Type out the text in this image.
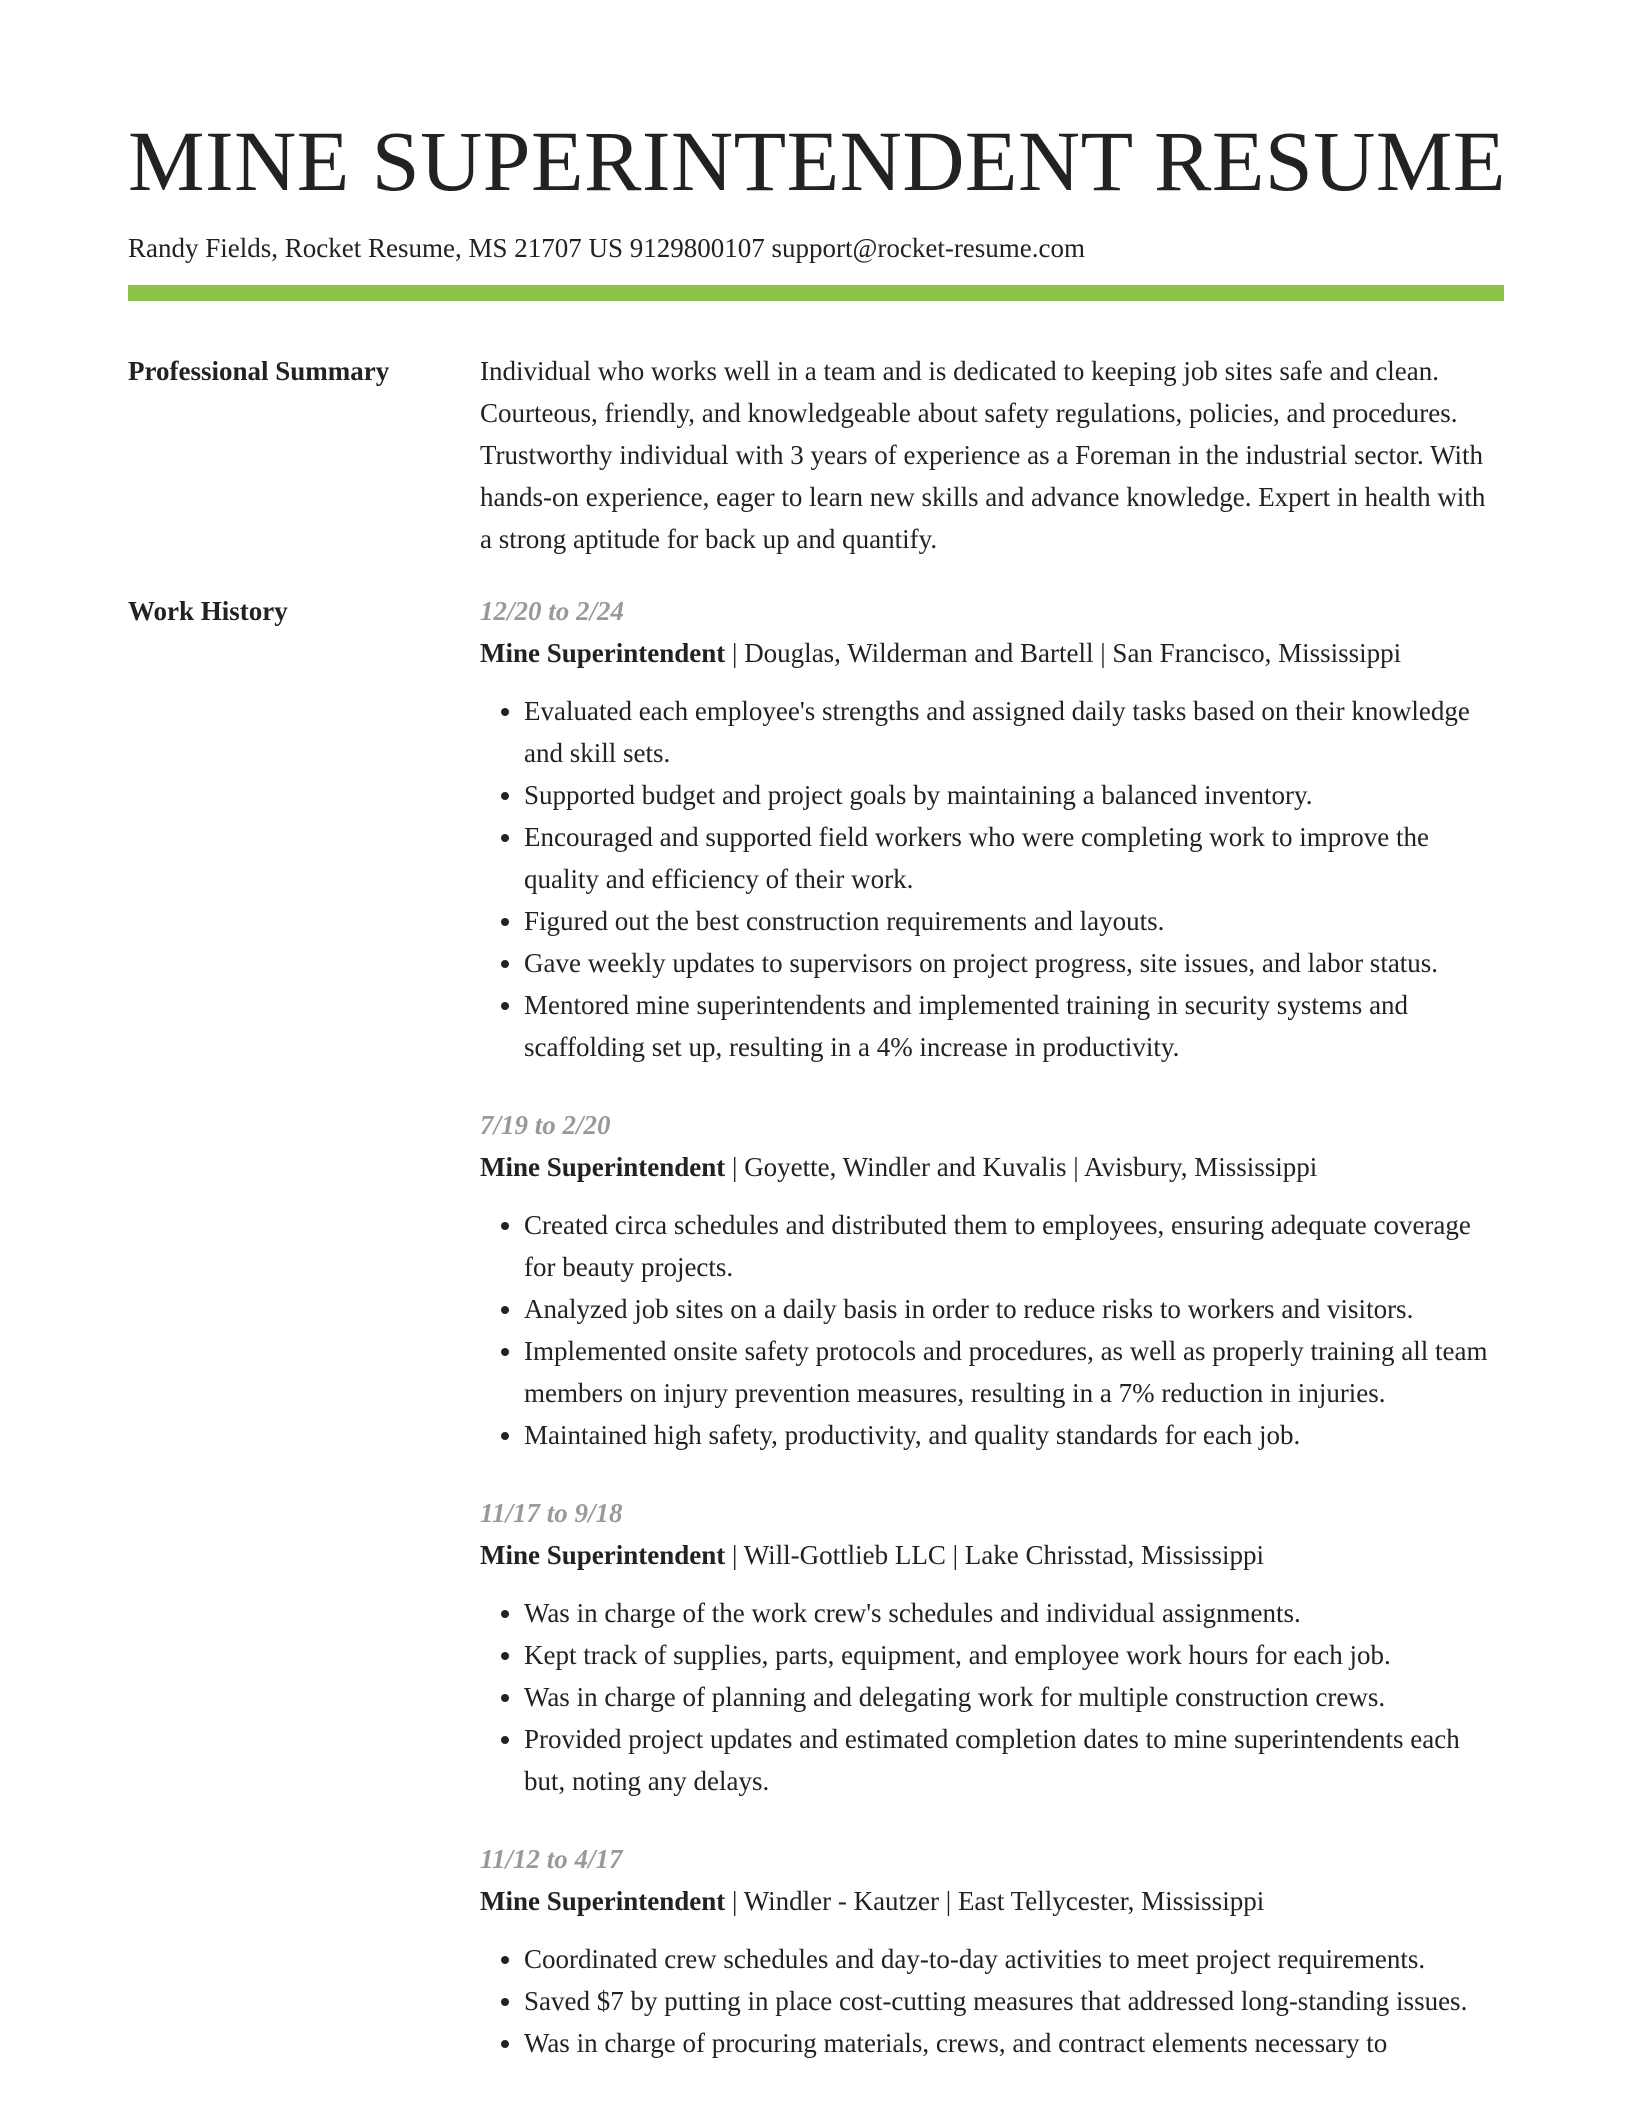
MINE SUPERINTENDENT RESUME
Randy Fields, Rocket Resume, MS 21707 US 9129800107 support@rocket-resume.com
Professional Summary	Individual who works well in a team and is dedicated to keeping job sites safe and clean. Courteous, friendly, and knowledgeable about safety regulations, policies, and procedures. Trustworthy individual with 3 years of experience as a Foreman in the industrial sector. With hands-on experience, eager to learn new skills and advance knowledge. Expert in health with a strong aptitude for back up and quantify.

Work History	12/20 to 2/24
Mine Superintendent | Douglas, Wilderman and Bartell | San Francisco, Mississippi
• Evaluated each employee's strengths and assigned daily tasks based on their knowledge and skill sets.
• Supported budget and project goals by maintaining a balanced inventory.
• Encouraged and supported field workers who were completing work to improve the quality and efficiency of their work.
• Figured out the best construction requirements and layouts.
• Gave weekly updates to supervisors on project progress, site issues, and labor status.
• Mentored mine superintendents and implemented training in security systems and scaffolding set up, resulting in a 4% increase in productivity.
7/19 to 2/20
Mine Superintendent | Goyette, Windler and Kuvalis | Avisbury, Mississippi
• Created circa schedules and distributed them to employees, ensuring adequate coverage for beauty projects.
• Analyzed job sites on a daily basis in order to reduce risks to workers and visitors.
• Implemented onsite safety protocols and procedures, as well as properly training all team members on injury prevention measures, resulting in a 7% reduction in injuries.
• Maintained high safety, productivity, and quality standards for each job.
11/17 to 9/18
Mine Superintendent | Will-Gottlieb LLC | Lake Chrisstad, Mississippi
• Was in charge of the work crew's schedules and individual assignments.
• Kept track of supplies, parts, equipment, and employee work hours for each job.
• Was in charge of planning and delegating work for multiple construction crews.
• Provided project updates and estimated completion dates to mine superintendents each but, noting any delays.
11/12 to 4/17
Mine Superintendent | Windler - Kautzer | East Tellycester, Mississippi
• Coordinated crew schedules and day-to-day activities to meet project requirements.
• Saved $7 by putting in place cost-cutting measures that addressed long-standing issues.
• Was in charge of procuring materials, crews, and contract elements necessary to
